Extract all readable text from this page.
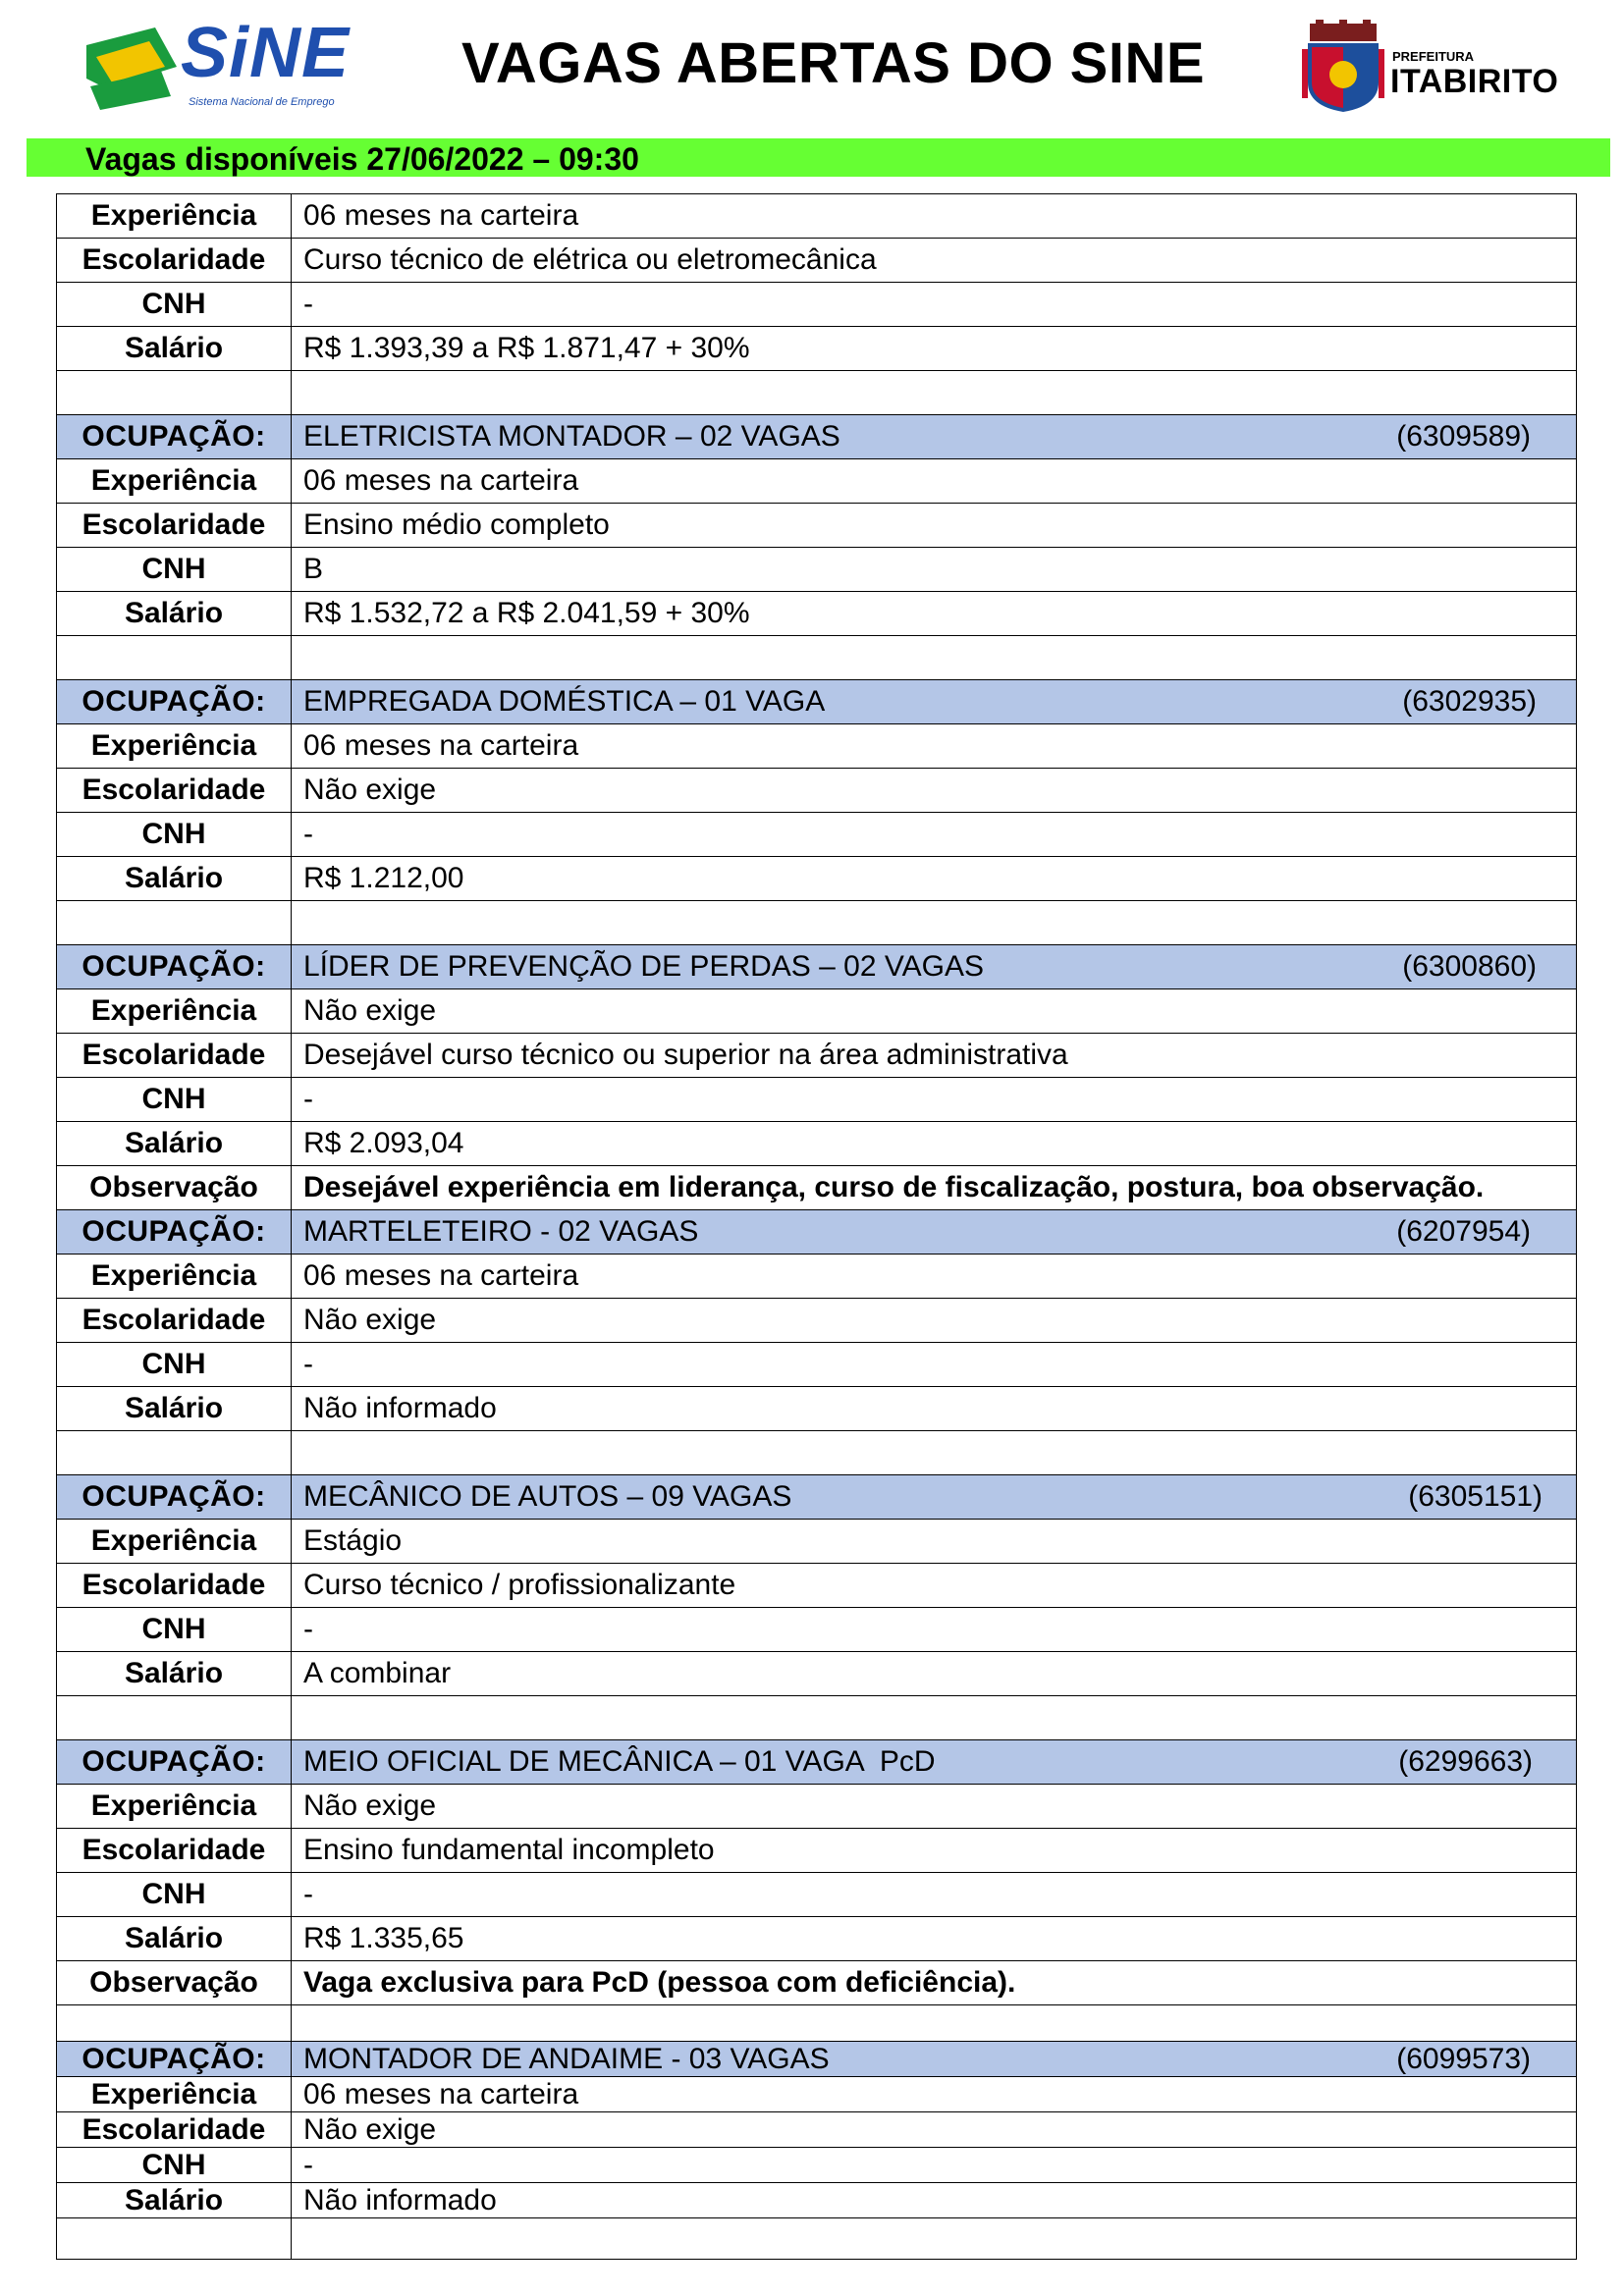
SiNE
Sistema Nacional de Emprego
VAGAS ABERTAS DO SINE	PREFEITURA
ITABIRITO
Vagas disponíveis 27/06/2022 – 09:30
Experiência	06 meses na carteira
Escolaridade	Curso técnico de elétrica ou eletromecânica
CNH	-
Salário	R$ 1.393,39 a R$ 1.871,47 + 30%

OCUPAÇÃO:	ELETRICISTA MONTADOR – 02 VAGAS (6309589)

Experiência	06 meses na carteira
Escolaridade	Ensino médio completo
CNH	B
Salário	R$ 1.532,72 a R$ 2.041,59 + 30%

OCUPAÇÃO:	EMPREGADA DOMÉSTICA – 01 VAGA (6302935)

Experiência	06 meses na carteira
Escolaridade	Não exige
CNH	-
Salário	R$ 1.212,00

OCUPAÇÃO:	LÍDER DE PREVENÇÃO DE PERDAS – 02 VAGAS (6300860)

Experiência	Não exige
Escolaridade	Desejável curso técnico ou superior na área administrativa
CNH	-
Salário	R$ 2.093,04
Observação	Desejável experiência em liderança, curso de fiscalização, postura, boa observação.
OCUPAÇÃO:	MARTELETEIRO - 02 VAGAS (6207954)

Experiência	06 meses na carteira
Escolaridade	Não exige
CNH	-
Salário	Não informado

OCUPAÇÃO:	MECÂNICO DE AUTOS – 09 VAGAS (6305151)

Experiência	Estágio
Escolaridade	Curso técnico / profissionalizante
CNH	-
Salário	A combinar

OCUPAÇÃO:	MEIO OFICIAL DE MECÂNICA – 01 VAGA  PcD (6299663)

Experiência	Não exige
Escolaridade	Ensino fundamental incompleto
CNH	-
Salário	R$ 1.335,65
Observação	Vaga exclusiva para PcD (pessoa com deficiência).

OCUPAÇÃO:	MONTADOR DE ANDAIME - 03 VAGAS (6099573)

Experiência	06 meses na carteira
Escolaridade	Não exige
CNH	-
Salário	Não informado
